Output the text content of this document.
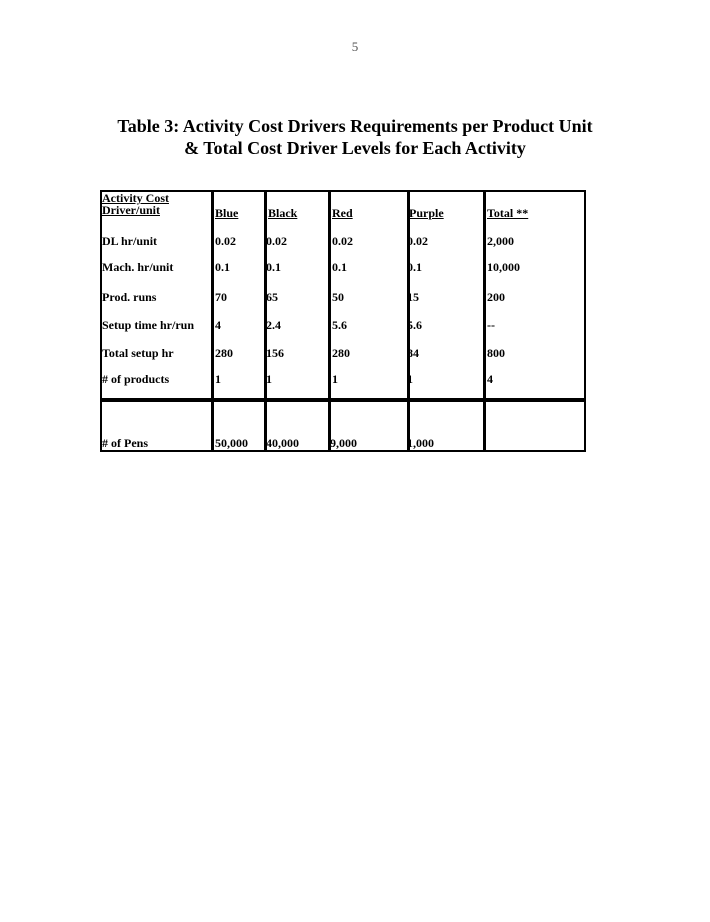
5
Table 3: Activity Cost Drivers Requirements per Product Unit
& Total Cost Driver Levels for Each Activity
Activity Cost Driver/unit	Blue Black	Red	Purple	Total **
DL hr/unit	0.02	0.02	0.02	0.02	2,000
Mach. hr/unit	0.1	0.1	0.1	0.1	10,000
Prod. runs	70	65	50	15	200
Setup time hr/run 4	2.4	5.6	5.6	--
Total setup hr	280	156	280	84	800
# of products	1	1	1	1	4
# of Pens	50,000 40,000	9,000	1,000
